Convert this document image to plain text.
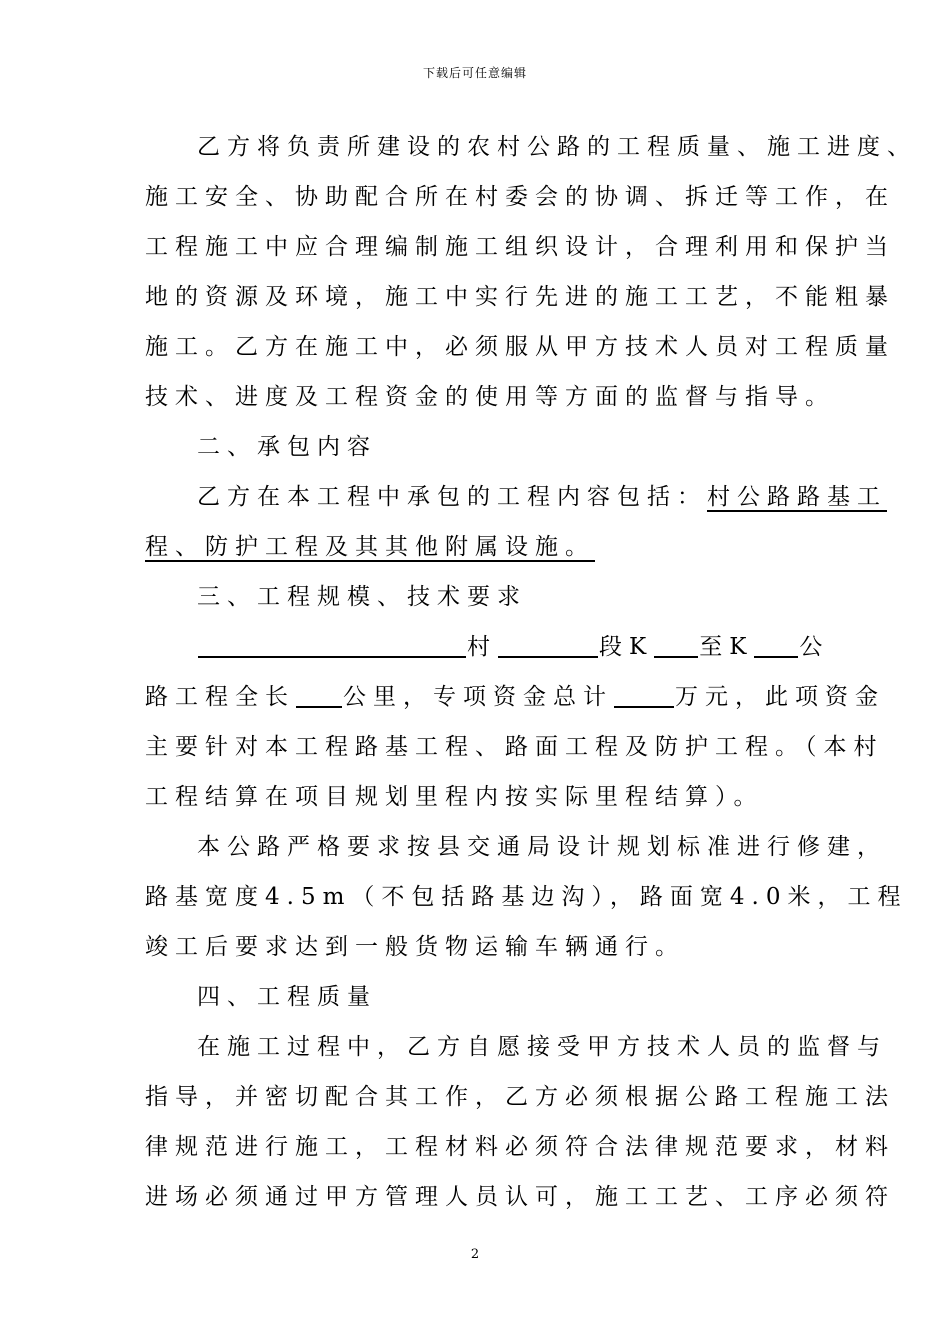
下载后可任意编辑
乙方将负责所建设的农村公路的工程质量、施工进度、
施工安全、协助配合所在村委会的协调、拆迁等工作，在
工程施工中应合理编制施工组织设计，合理利用和保护当
地的资源及环境，施工中实行先进的施工工艺，不能粗暴
施工。乙方在施工中，必须服从甲方技术人员对工程质量
技术、进度及工程资金的使用等方面的监督与指导。
二、承包内容
乙方在本工程中承包的工程内容包括：村公路路基工
程、防护工程及其其他附属设施。
三、工程规模、技术要求
村	段K 至K 公
路工程全长 公里，专项资金总计	万元，此项资金
主要针对本工程路基工程、路面工程及防护工程。（本村
工程结算在项目规划里程内按实际里程结算）。
本公路严格要求按县交通局设计规划标准进行修建，
路基宽度4.5m（不包括路基边沟），路面宽4.0米，工程
竣工后要求达到一般货物运输车辆通行。
四、工程质量
在施工过程中，乙方自愿接受甲方技术人员的监督与
指导，并密切配合其工作，乙方必须根据公路工程施工法
律规范进行施工，工程材料必须符合法律规范要求，材料
进场必须通过甲方管理人员认可，施工工艺、工序必须符
2
